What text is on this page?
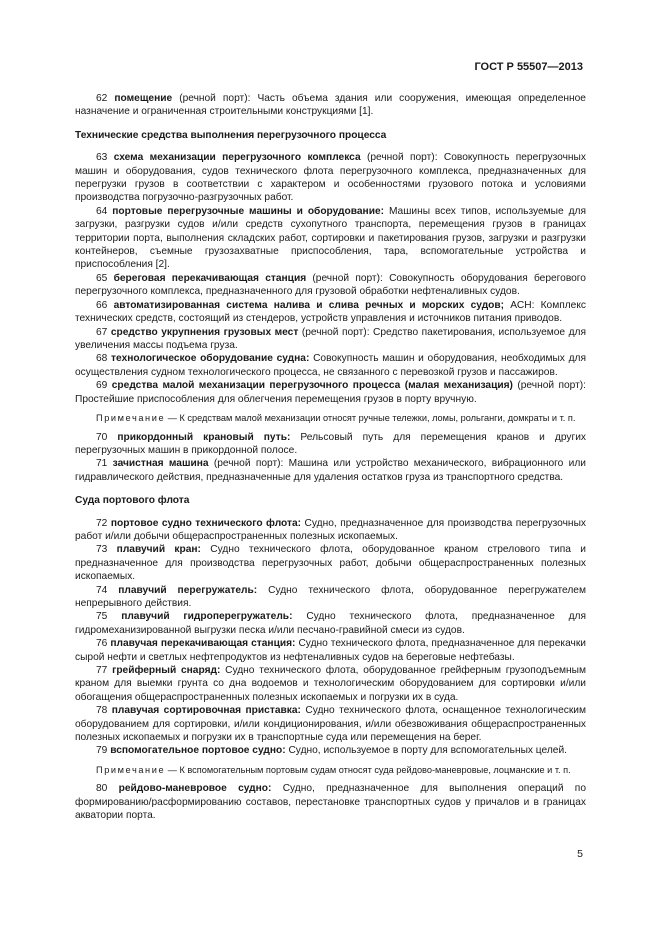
ГОСТ Р 55507—2013

62 помещение (речной порт): Часть объема здания или сооружения, имеющая определенное назначение и ограниченная строительными конструкциями [1].

Технические средства выполнения перегрузочного процесса

63 схема механизации перегрузочного комплекса (речной порт): Совокупность перегрузочных машин и оборудования, судов технического флота перегрузочного комплекса, предназначенных для перегрузки грузов в соответствии с характером и особенностями грузового потока и условиями производства погрузочно-разгрузочных работ.

64 портовые перегрузочные машины и оборудование: Машины всех типов, используемые для загрузки, разгрузки судов и/или средств сухопутного транспорта, перемещения грузов в границах территории порта, выполнения складских работ, сортировки и пакетирования грузов, загрузки и разгрузки контейнеров, съемные грузозахватные приспособления, тара, вспомогательные устройства и приспособления [2].

65 береговая перекачивающая станция (речной порт): Совокупность оборудования берегового перегрузочного комплекса, предназначенного для грузовой обработки нефтеналивных судов.

66 автоматизированная система налива и слива речных и морских судов; АСН: Комплекс технических средств, состоящий из стендеров, устройств управления и источников питания приводов.

67 средство укрупнения грузовых мест (речной порт): Средство пакетирования, используемое для увеличения массы подъема груза.

68 технологическое оборудование судна: Совокупность машин и оборудования, необходимых для осуществления судном технологического процесса, не связанного с перевозкой грузов и пассажиров.

69 средства малой механизации перегрузочного процесса (малая механизация) (речной порт): Простейшие приспособления для облегчения перемещения грузов в порту вручную.

Примечание — К средствам малой механизации относят ручные тележки, ломы, рольганги, домкраты и т. п.

70 прикордонный крановый путь: Рельсовый путь для перемещения кранов и других перегрузочных машин в прикордонной полосе.

71 зачистная машина (речной порт): Машина или устройство механического, вибрационного или гидравлического действия, предназначенные для удаления остатков груза из транспортного средства.

Суда портового флота

72 портовое судно технического флота: Судно, предназначенное для производства перегрузочных работ и/или добычи общераспространенных полезных ископаемых.

73 плавучий кран: Судно технического флота, оборудованное краном стрелового типа и предназначенное для производства перегрузочных работ, добычи общераспространенных полезных ископаемых.

74 плавучий перегружатель: Судно технического флота, оборудованное перегружателем непрерывного действия.

75 плавучий гидроперегружатель: Судно технического флота, предназначенное для гидромеханизированной выгрузки песка и/или песчано-гравийной смеси из судов.

76 плавучая перекачивающая станция: Судно технического флота, предназначенное для перекачки сырой нефти и светлых нефтепродуктов из нефтеналивных судов на береговые нефтебазы.

77 грейферный снаряд: Судно технического флота, оборудованное грейферным грузоподъемным краном для выемки грунта со дна водоемов и технологическим оборудованием для сортировки и/или обогащения общераспространенных полезных ископаемых и погрузки их в суда.

78 плавучая сортировочная приставка: Судно технического флота, оснащенное технологическим оборудованием для сортировки, и/или кондиционирования, и/или обезвоживания общераспространенных полезных ископаемых и погрузки их в транспортные суда или перемещения на берег.

79 вспомогательное портовое судно: Судно, используемое в порту для вспомогательных целей.

Примечание — К вспомогательным портовым судам относят суда рейдово-маневровые, лоцманские и т. п.

80 рейдово-маневровое судно: Судно, предназначенное для выполнения операций по формированию/расформированию составов, перестановке транспортных судов у причалов и в границах акватории порта.

5
